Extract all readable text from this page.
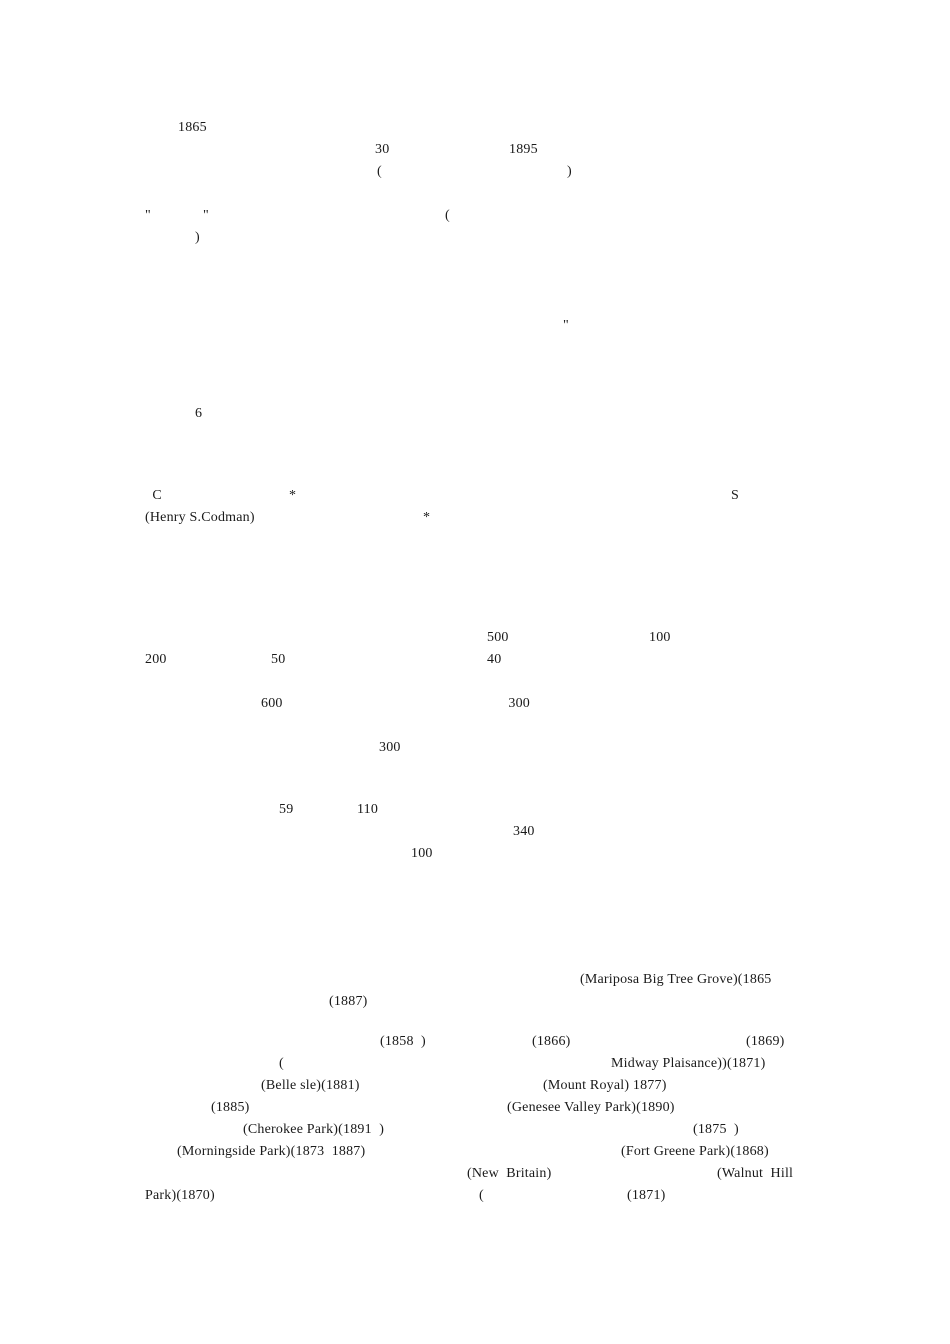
1865

30

	1895

(

	)

"

	"

	(

)

"

6

C

	*

	S

(Henry S.Codman)

	*

500

	100

200

	50

	40

600

	300

300

59

	110

340

100

(Mariposa Big Tree Grove)(1865

(1887)

(1858  )

	(1866)

	(1869)

(

	Midway Plaisance))(1871)

(Belle sle)(1881)

	(Mount Royal) 1877)

(1885)

	(Genesee Valley Park)(1890)

(Cherokee Park)(1891  )

	(1875  )

(Morningside Park)(1873  1887)

	(Fort Greene Park)(1868)

(New  Britain)

	(Walnut  Hill

Park)(1870)

	(

	(1871)
